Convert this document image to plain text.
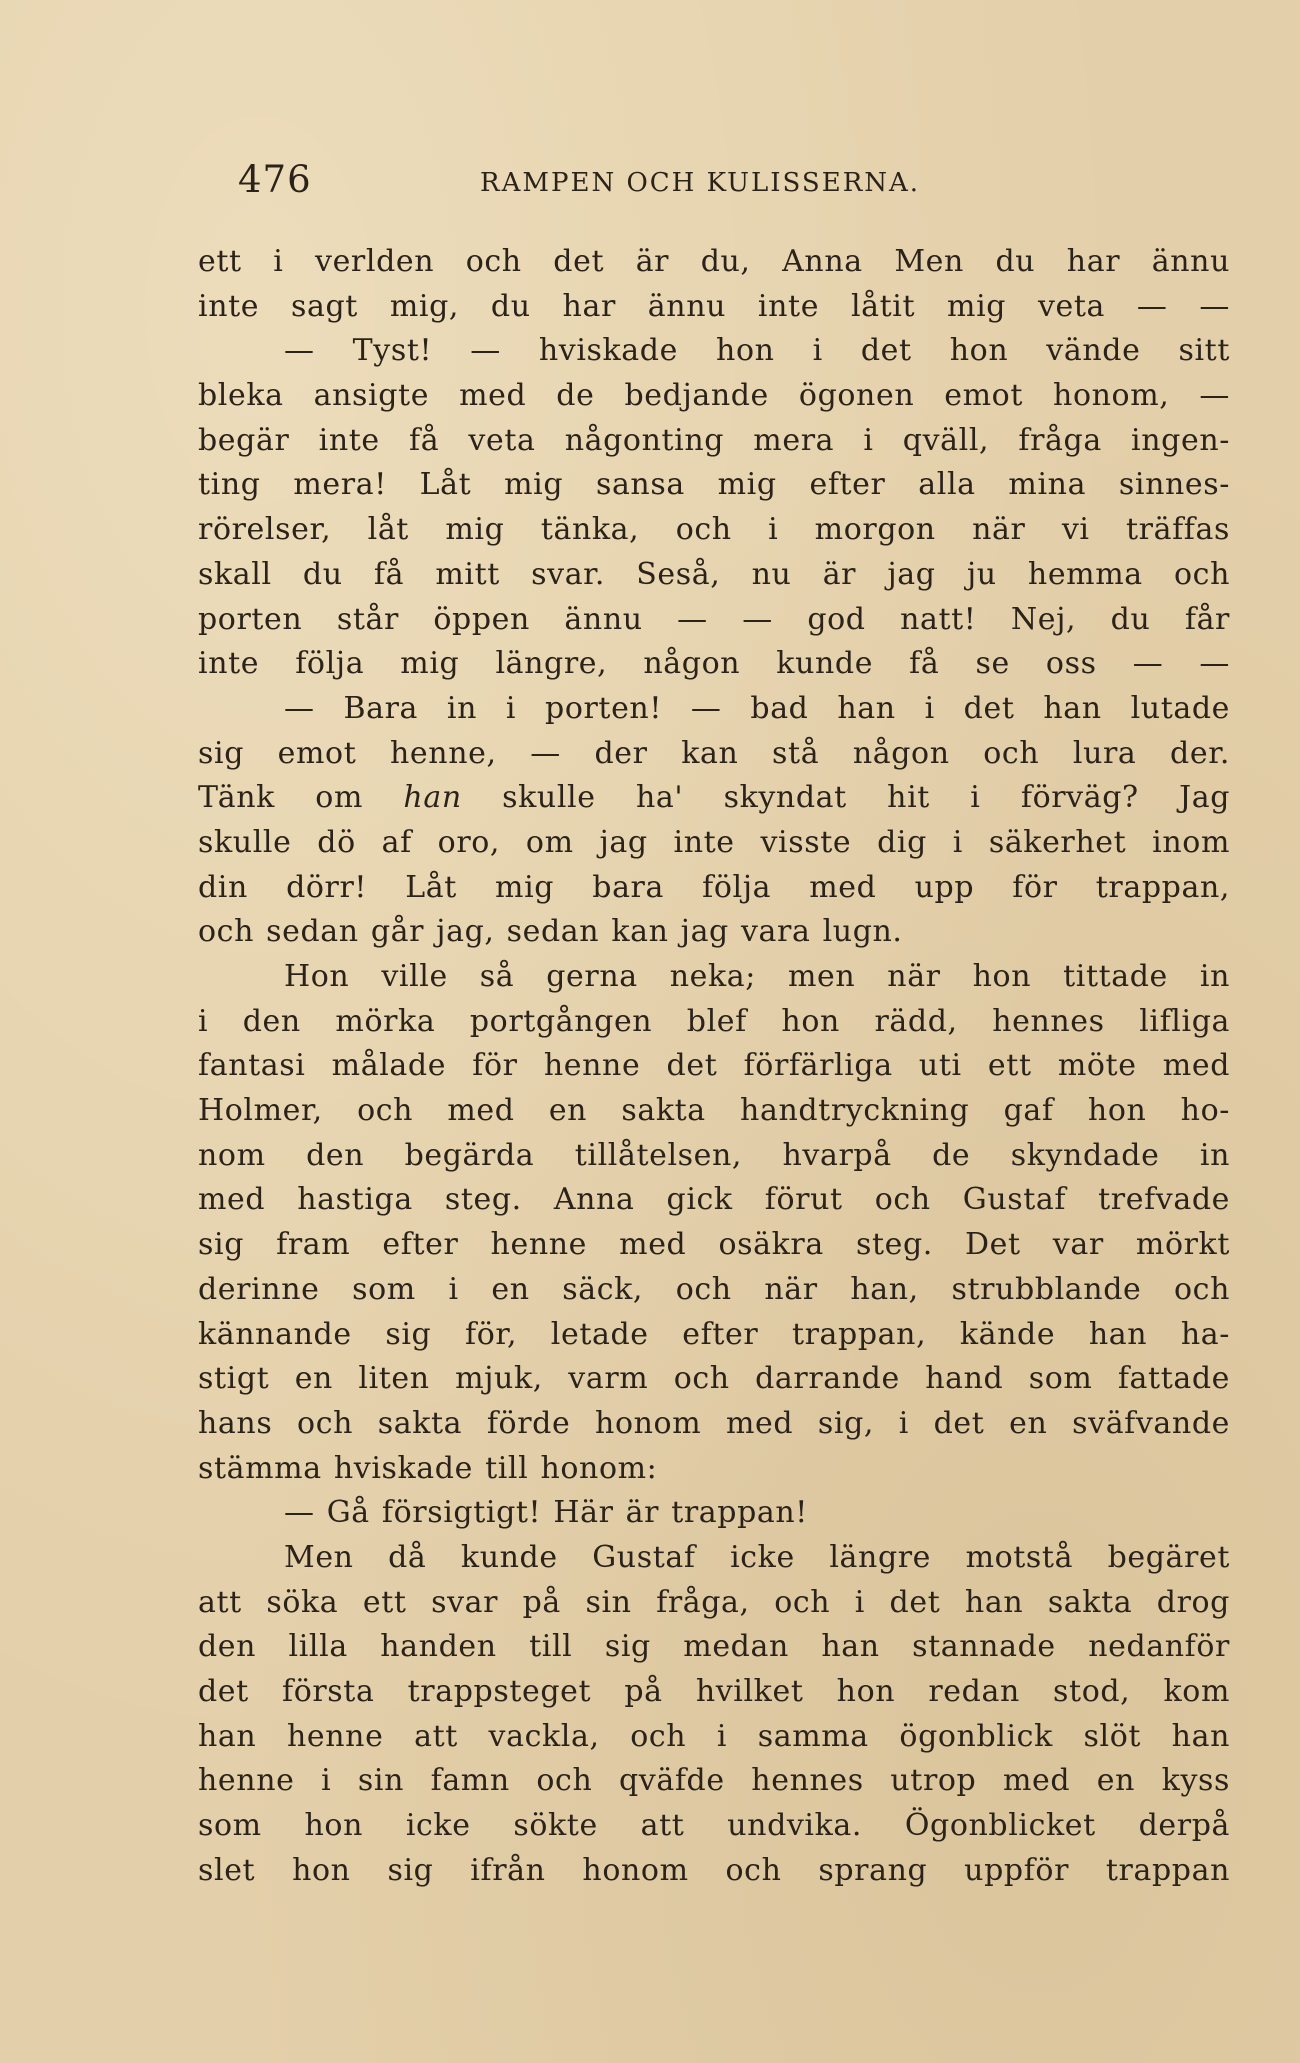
476	RAMPEN OCH KULISSERNA.
ett i verlden och det är du, Anna Men du har ännu
inte sagt mig, du har ännu inte låtit mig veta — —
— Tyst! — hviskade hon i det hon vände sitt
bleka ansigte med de bedjande ögonen emot honom, —
begär inte få veta någonting mera i qväll, fråga ingen-
ting mera! Låt mig sansa mig efter alla mina sinnes-
rörelser, låt mig tänka, och i morgon när vi träffas
skall du få mitt svar. Seså, nu är jag ju hemma och
porten står öppen ännu — — god natt! Nej, du får
inte följa mig längre, någon kunde få se oss — —
— Bara in i porten! — bad han i det han lutade
sig emot henne, — der kan stå någon och lura der.
Tänk om han skulle ha' skyndat hit i förväg? Jag
skulle dö af oro, om jag inte visste dig i säkerhet inom
din dörr! Låt mig bara följa med upp för trappan,
och sedan går jag, sedan kan jag vara lugn.
Hon ville så gerna neka; men när hon tittade in
i den mörka portgången blef hon rädd, hennes lifliga
fantasi målade för henne det förfärliga uti ett möte med
Holmer, och med en sakta handtryckning gaf hon ho-
nom den begärda tillåtelsen, hvarpå de skyndade in
med hastiga steg. Anna gick förut och Gustaf trefvade
sig fram efter henne med osäkra steg. Det var mörkt
derinne som i en säck, och när han, strubblande och
kännande sig för, letade efter trappan, kände han ha-
stigt en liten mjuk, varm och darrande hand som fattade
hans och sakta förde honom med sig, i det en sväfvande
stämma hviskade till honom:
— Gå försigtigt! Här är trappan!
Men då kunde Gustaf icke längre motstå begäret
att söka ett svar på sin fråga, och i det han sakta drog
den lilla handen till sig medan han stannade nedanför
det första trappsteget på hvilket hon redan stod, kom
han henne att vackla, och i samma ögonblick slöt han
henne i sin famn och qväfde hennes utrop med en kyss
som hon icke sökte att undvika. Ögonblicket derpå
slet hon sig ifrån honom och sprang uppför trappan
